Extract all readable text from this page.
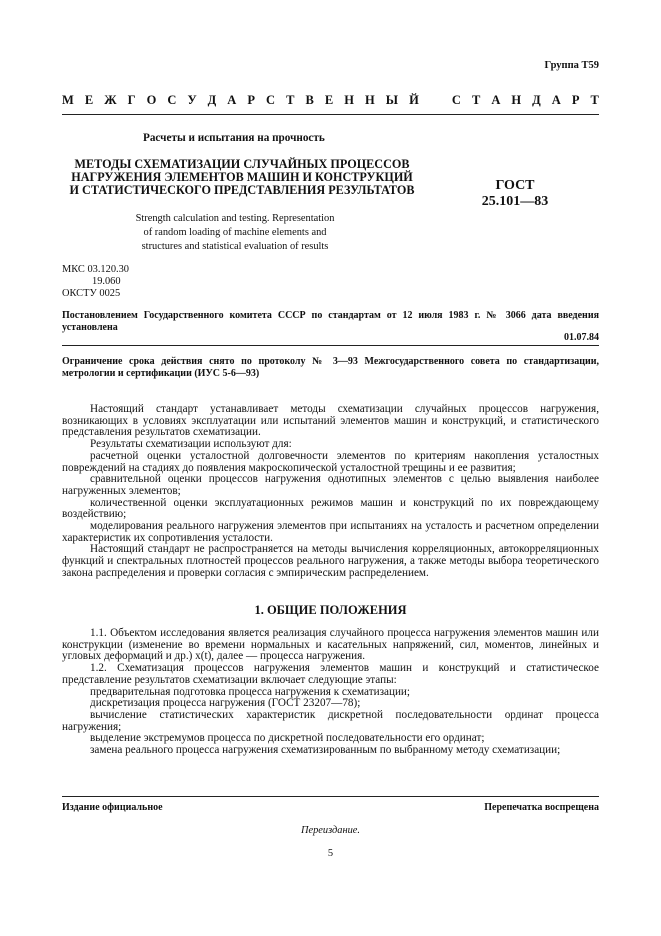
Группа Т59
М Е Ж Г О С У Д А Р С Т В Е Н Н Ы Й	С Т А Н Д А Р Т
Расчеты и испытания на прочность
МЕТОДЫ СХЕМАТИЗАЦИИ СЛУЧАЙНЫХ ПРОЦЕССОВ
НАГРУЖЕНИЯ ЭЛЕМЕНТОВ МАШИН И КОНСТРУКЦИЙ
И СТАТИСТИЧЕСКОГО ПРЕДСТАВЛЕНИЯ РЕЗУЛЬТАТОВ	ГОСТ
25.101—83
Strength calculation and testing. Representation
of random loading of machine elements and
structures and statistical evaluation of results
МКС 03.120.30
19.060
ОКСТУ 0025
Постановлением Государственного комитета СССР по стандартам от 12 июля 1983 г. № 3066 дата введения установлена
01.07.84
Ограничение срока действия снято по протоколу № 3—93 Межгосударственного совета по стандартизации, метрологии и сертификации (ИУС 5-6—93)

Настоящий стандарт устанавливает методы схематизации случайных процессов нагружения, возникающих в условиях эксплуатации или испытаний элементов машин и конструкций, и статистического представления результатов схематизации.

Результаты схематизации используют для:

расчетной оценки усталостной долговечности элементов по критериям накопления усталостных повреждений на стадиях до появления макроскопической усталостной трещины и ее развития;

сравнительной оценки процессов нагружения однотипных элементов с целью выявления наиболее нагруженных элементов;

количественной оценки эксплуатационных режимов машин и конструкций по их повреждающему воздействию;

моделирования реального нагружения элементов при испытаниях на усталость и расчетном определении характеристик их сопротивления усталости.

Настоящий стандарт не распространяется на методы вычисления корреляционных, автокорреляционных функций и спектральных плотностей процессов реального нагружения, а также методы выбора теоретического закона распределения и проверки согласия с эмпирическим распределением.

1. ОБЩИЕ ПОЛОЖЕНИЯ

1.1. Объектом исследования является реализация случайного процесса нагружения элементов машин или конструкции (изменение во времени нормальных и касательных напряжений, сил, моментов, линейных и угловых деформаций и др.) x(t), далее — процесса нагружения.

1.2. Схематизация процессов нагружения элементов машин и конструкций и статистическое представление результатов схематизации включает следующие этапы:

предварительная подготовка процесса нагружения к схематизации;

дискретизация процесса нагружения (ГОСТ 23207—78);

вычисление статистических характеристик дискретной последовательности ординат процесса нагружения;

выделение экстремумов процесса по дискретной последовательности его ординат;

замена реального процесса нагружения схематизированным по выбранному методу схематизации;

Издание официальное	Перепечатка воспрещена
Переиздание.
5
